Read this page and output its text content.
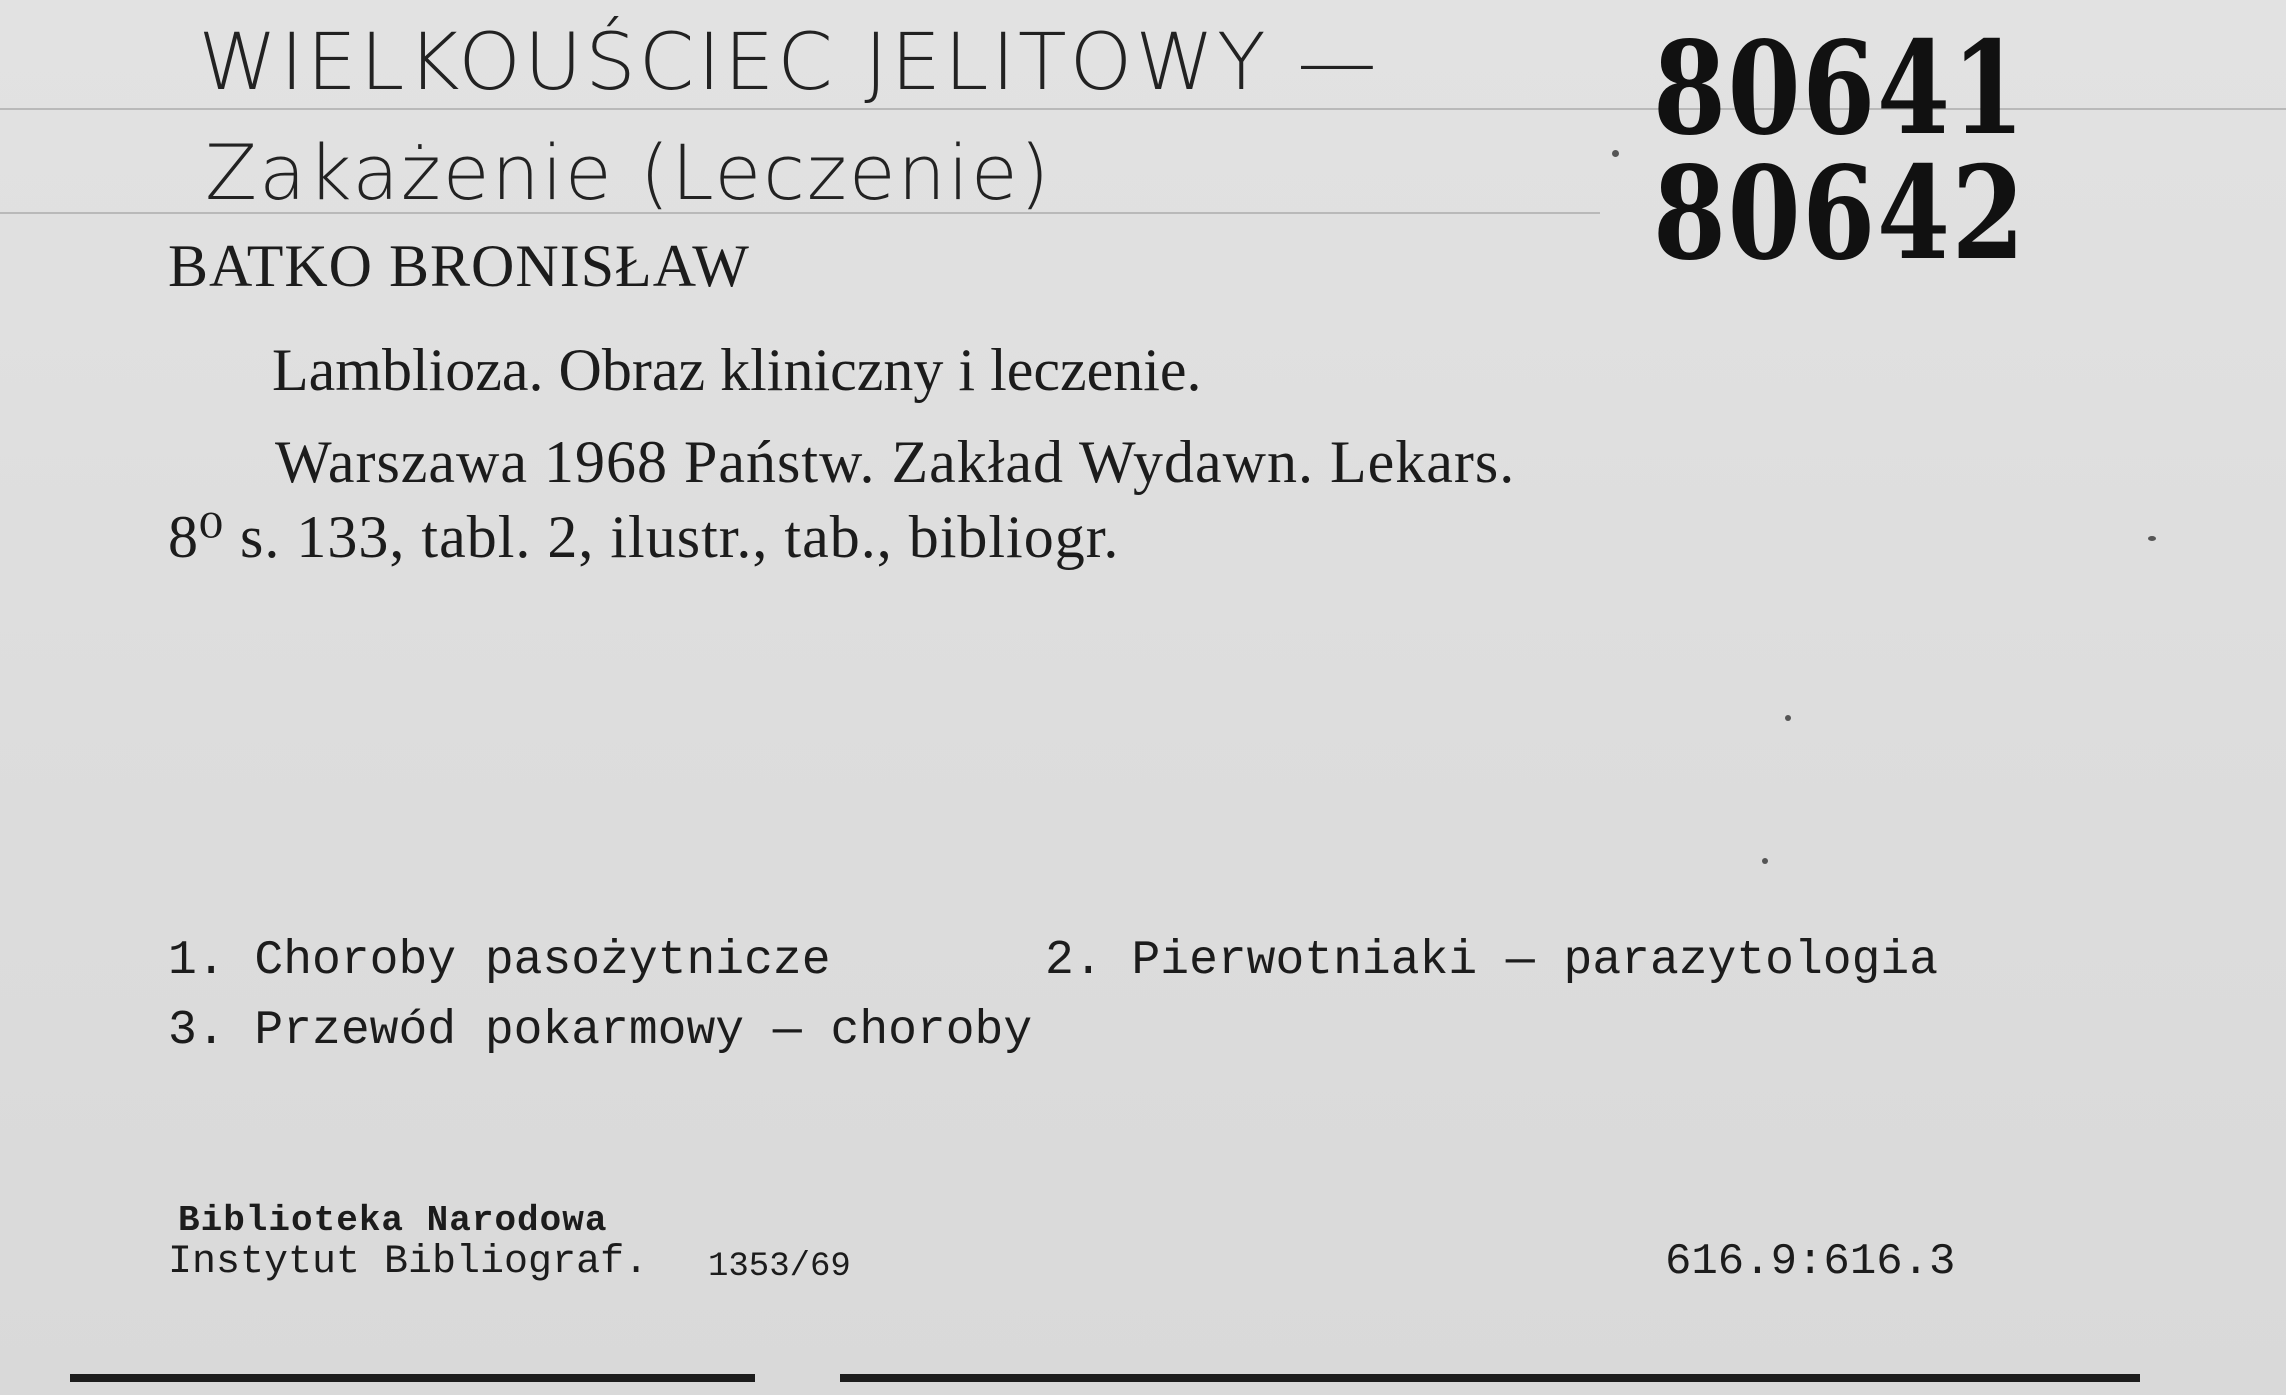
WIELKOUŚCIEC JELITOWY —
Zakażenie (Leczenie)
80641
80642
BATKO BRONISŁAW
Lamblioza. Obraz kliniczny i leczenie.
Warszawa 1968 Państw. Zakład Wydawn. Lekars.
8⁰ s. 133, tabl. 2, ilustr., tab., bibliogr.
1. Choroby pasożytnicze	2. Pierwotniaki — parazytologia
3. Przewód pokarmowy — choroby
Biblioteka Narodowa
Instytut Bibliograf. 1353/69	616.9:616.3
